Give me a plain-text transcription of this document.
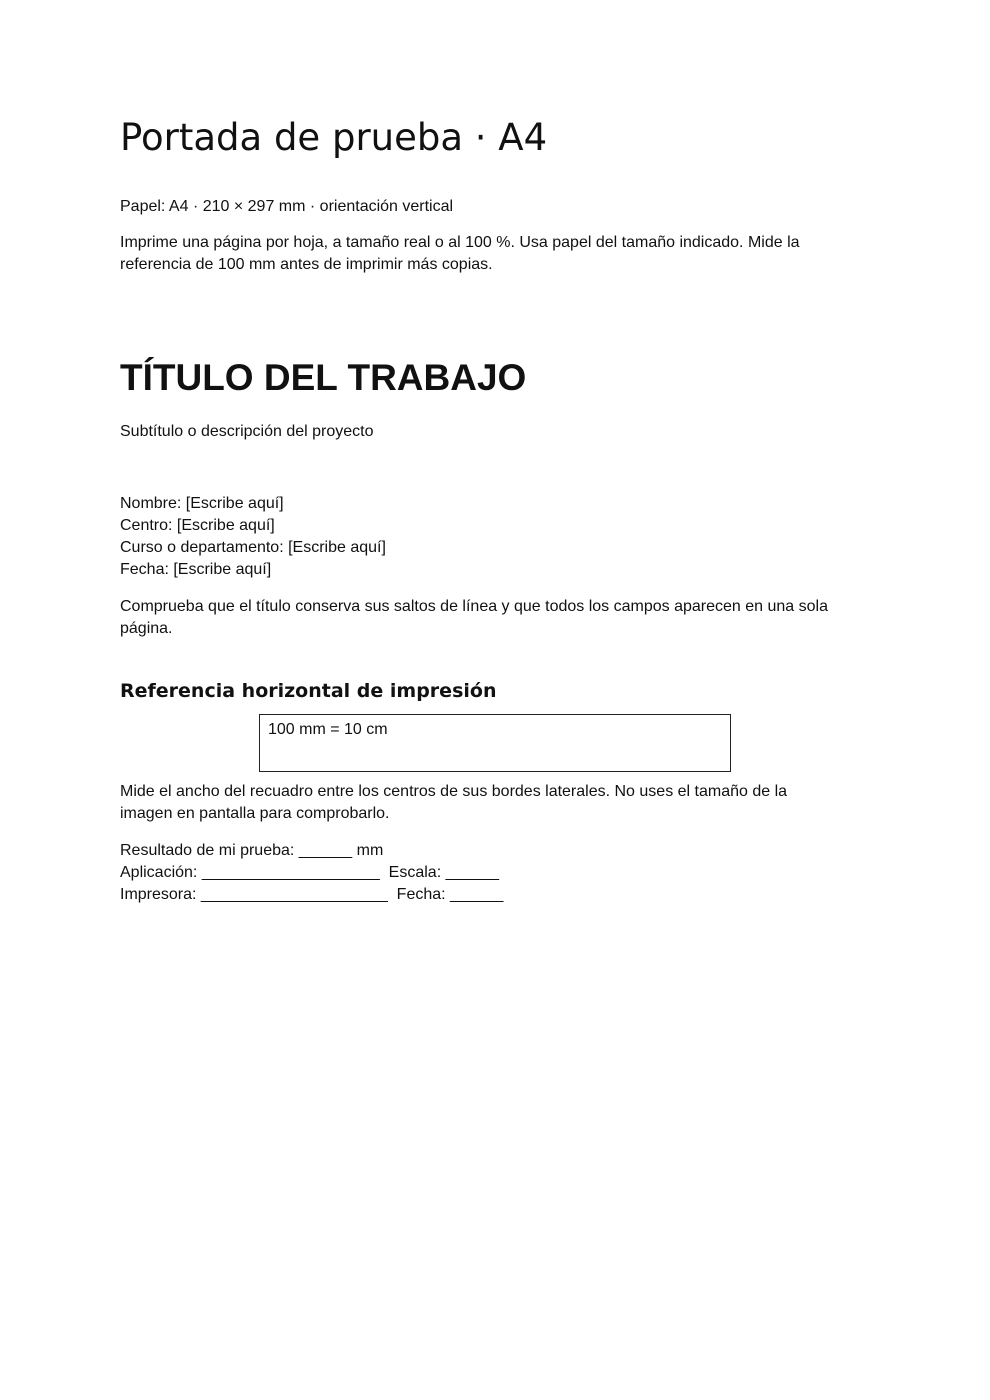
Portada de prueba · A4

Papel: A4 · 210 × 297 mm · orientación vertical

Imprime una página por hoja, a tamaño real o al 100 %. Usa papel del tamaño indicado. Mide la referencia de 100 mm antes de imprimir más copias.

TÍTULO DEL TRABAJO

Subtítulo o descripción del proyecto

Nombre: [Escribe aquí]
Centro: [Escribe aquí]
Curso o departamento: [Escribe aquí]
Fecha: [Escribe aquí]

Comprueba que el título conserva sus saltos de línea y que todos los campos aparecen en una sola página.

Referencia horizontal de impresión
100 mm = 10 cm

Mide el ancho del recuadro entre los centros de sus bordes laterales. No uses el tamaño de la imagen en pantalla para comprobarlo.

Resultado de mi prueba: ______ mm
Aplicación: ____________________  Escala: ______
Impresora: _____________________  Fecha: ______
